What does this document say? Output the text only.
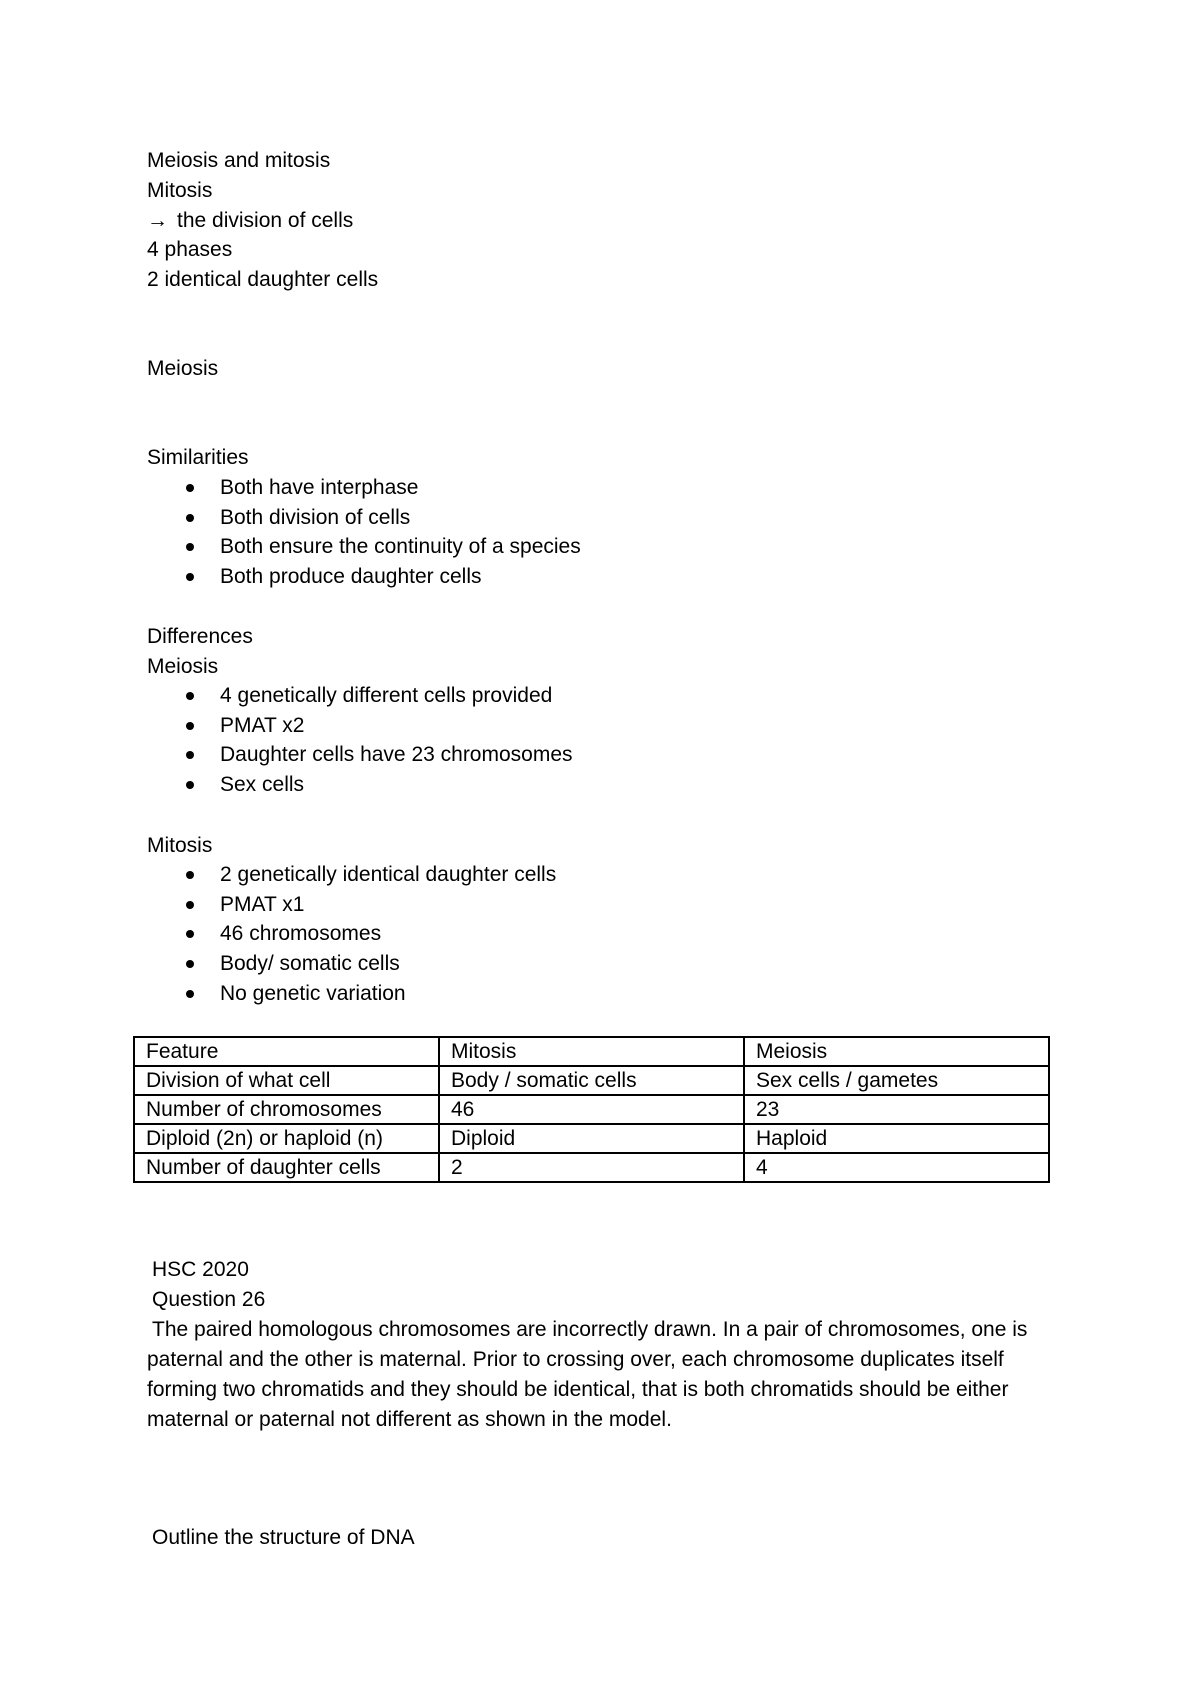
Meiosis and mitosis
Mitosis
→ the division of cells
4 phases
2 identical daughter cells
Meiosis
Similarities
Both have interphase
Both division of cells
Both ensure the continuity of a species
Both produce daughter cells
Differences
Meiosis
4 genetically different cells provided
PMAT x2
Daughter cells have 23 chromosomes
Sex cells
Mitosis
2 genetically identical daughter cells
PMAT x1
46 chromosomes
Body/ somatic cells
No genetic variation
Feature	Mitosis	Meiosis
Division of what cell	Body / somatic cells	Sex cells / gametes
Number of chromosomes	46	23
Diploid (2n) or haploid (n)	Diploid	Haploid
Number of daughter cells	2	4
HSC 2020
Question 26
The paired homologous chromosomes are incorrectly drawn. In a pair of chromosomes, one is paternal and the other is maternal. Prior to crossing over, each chromosome duplicates itself forming two chromatids and they should be identical, that is both chromatids should be either maternal or paternal not different as shown in the model.
Outline the structure of DNA
